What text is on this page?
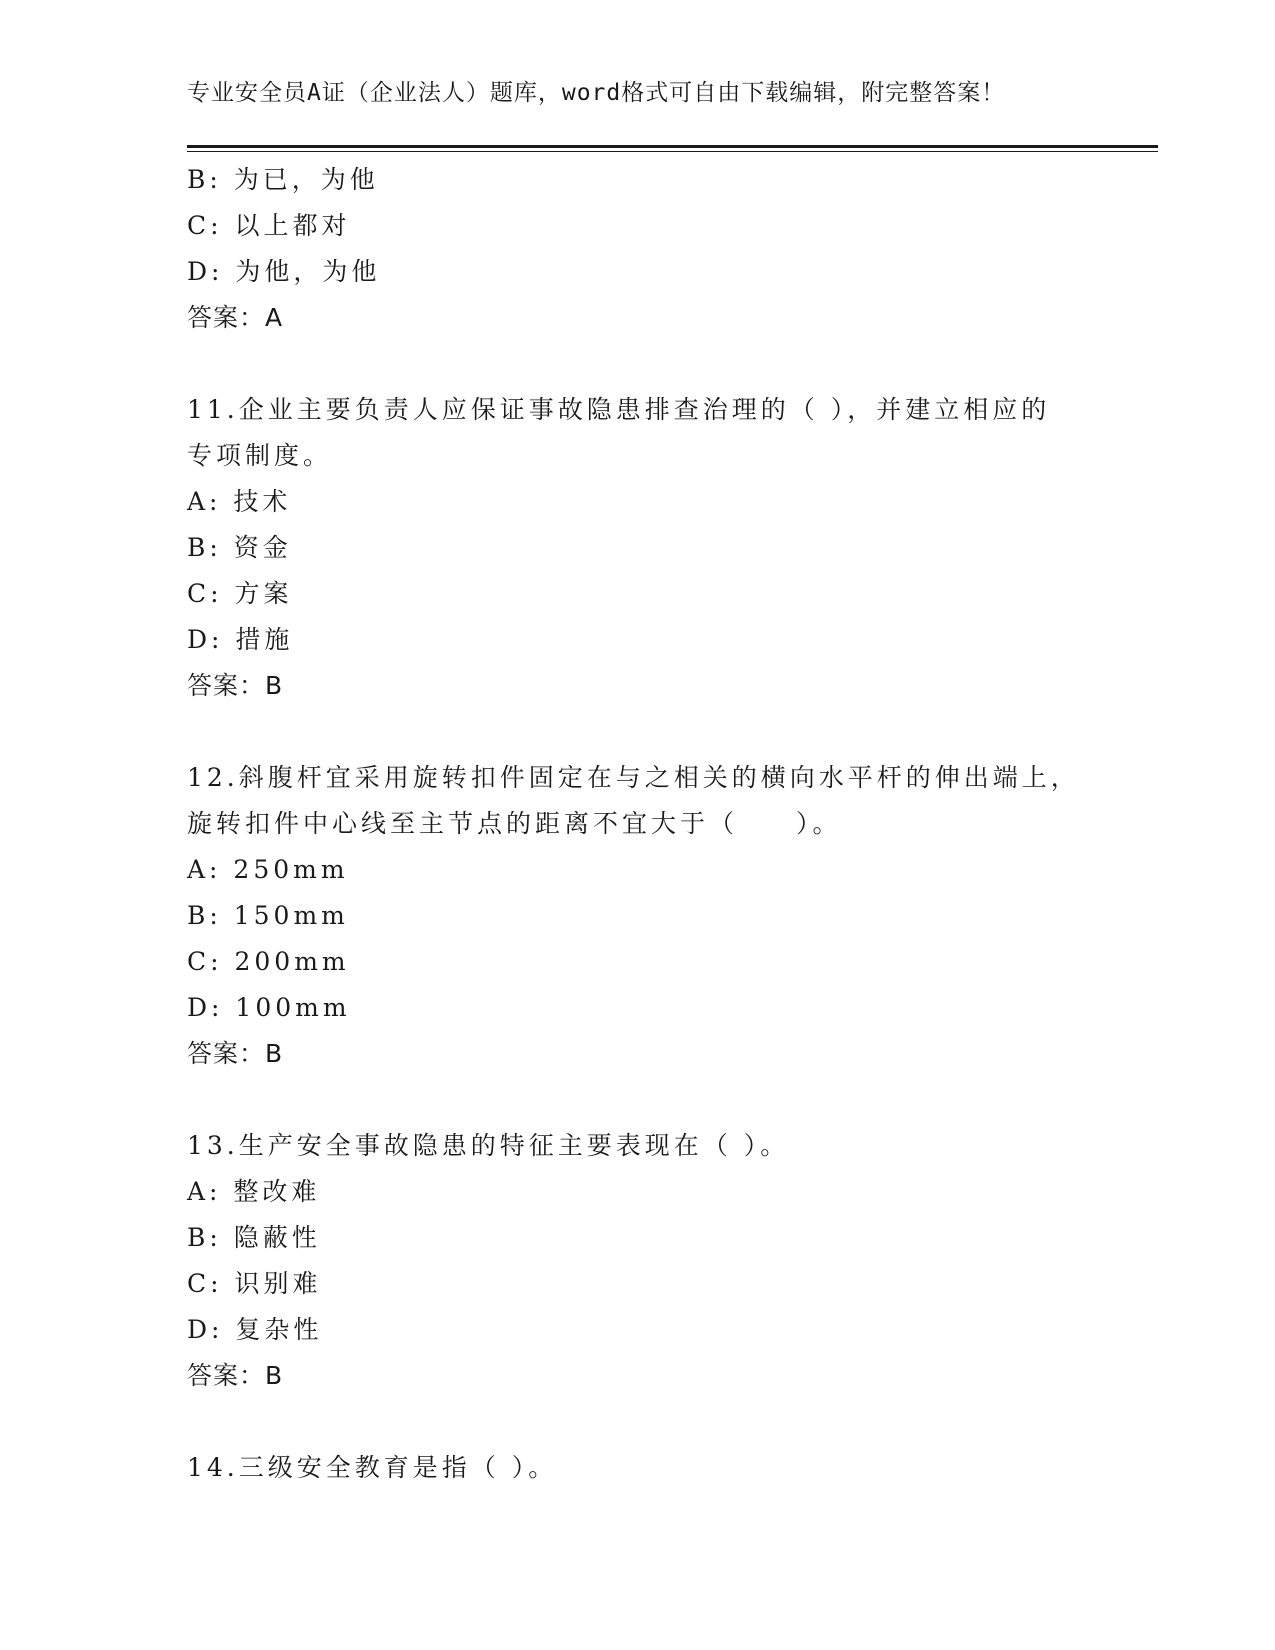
专业安全员A证（企业法人）题库，word格式可自由下载编辑，附完整答案！
B: 为已，为他
C: 以上都对
D: 为他，为他
答案：A
11.企业主要负责人应保证事故隐患排查治理的（ ），并建立相应的
专项制度。
A: 技术
B: 资金
C: 方案
D: 措施
答案：B
12.斜腹杆宜采用旋转扣件固定在与之相关的横向水平杆的伸出端上，
旋转扣件中心线至主节点的距离不宜大于（　　）。
A: 250mm
B: 150mm
C: 200mm
D: 100mm
答案：B
13.生产安全事故隐患的特征主要表现在（ ）。
A: 整改难
B: 隐蔽性
C: 识别难
D: 复杂性
答案：B
14.三级安全教育是指（ ）。
